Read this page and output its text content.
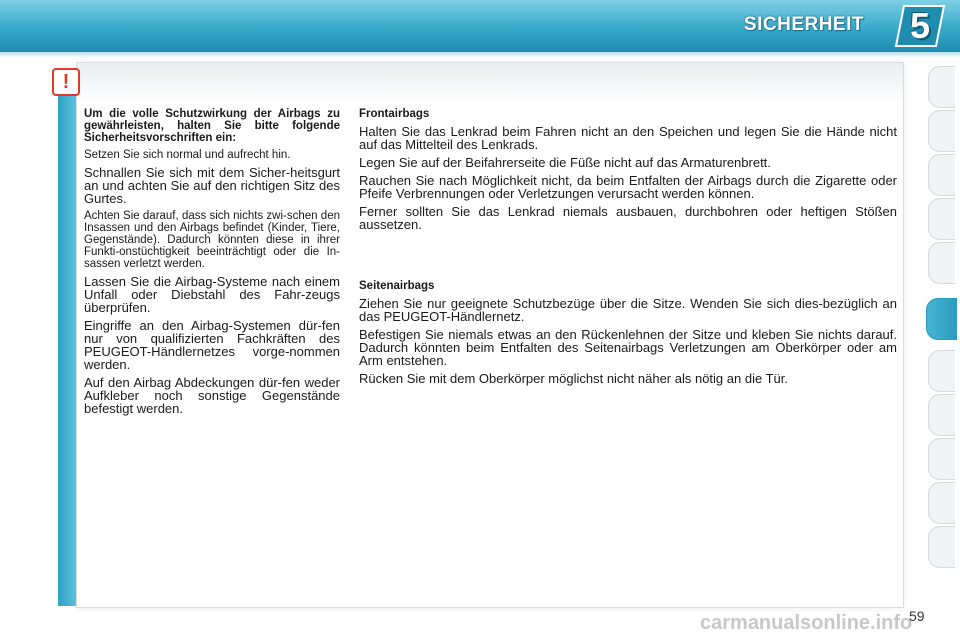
SICHERHEIT 5
!

Um die volle Schutzwirkung der Airbags zu gewährleisten, halten Sie bitte folgende Sicherheitsvorschriften ein:

Setzen Sie sich normal und aufrecht hin.

Schnallen Sie sich mit dem Sicher-heitsgurt an und achten Sie auf den richtigen Sitz des Gurtes.

Achten Sie darauf, dass sich nichts zwi-schen den Insassen und den Airbags befindet (Kinder, Tiere, Gegenstände). Dadurch könnten diese in ihrer Funkti-onstüchtigkeit beeinträchtigt oder die In-sassen verletzt werden.

Lassen Sie die Airbag-Systeme nach einem Unfall oder Diebstahl des Fahr-zeugs überprüfen.

Eingriffe an den Airbag-Systemen dür-fen nur von qualifizierten Fachkräften des PEUGEOT-Händlernetzes vorge-nommen werden.

Auf den Airbag Abdeckungen dür-fen weder Aufkleber noch sonstige Gegenstände befestigt werden.

Frontairbags

Halten Sie das Lenkrad beim Fahren nicht an den Speichen und legen Sie die Hände nicht auf das Mittelteil des Lenkrads.

Legen Sie auf der Beifahrerseite die Füße nicht auf das Armaturenbrett.

Rauchen Sie nach Möglichkeit nicht, da beim Entfalten der Airbags durch die Zigarette oder Pfeife Verbrennungen oder Verletzungen verursacht werden können.

Ferner sollten Sie das Lenkrad niemals ausbauen, durchbohren oder heftigen Stößen aussetzen.

Seitenairbags

Ziehen Sie nur geeignete Schutzbezüge über die Sitze. Wenden Sie sich dies-bezüglich an das PEUGEOT-Händlernetz.

Befestigen Sie niemals etwas an den Rückenlehnen der Sitze und kleben Sie nichts darauf. Dadurch könnten beim Entfalten des Seitenairbags Verletzungen am Oberkörper oder am Arm entstehen.

Rücken Sie mit dem Oberkörper möglichst nicht näher als nötig an die Tür.

carmanualsonline.info
59
